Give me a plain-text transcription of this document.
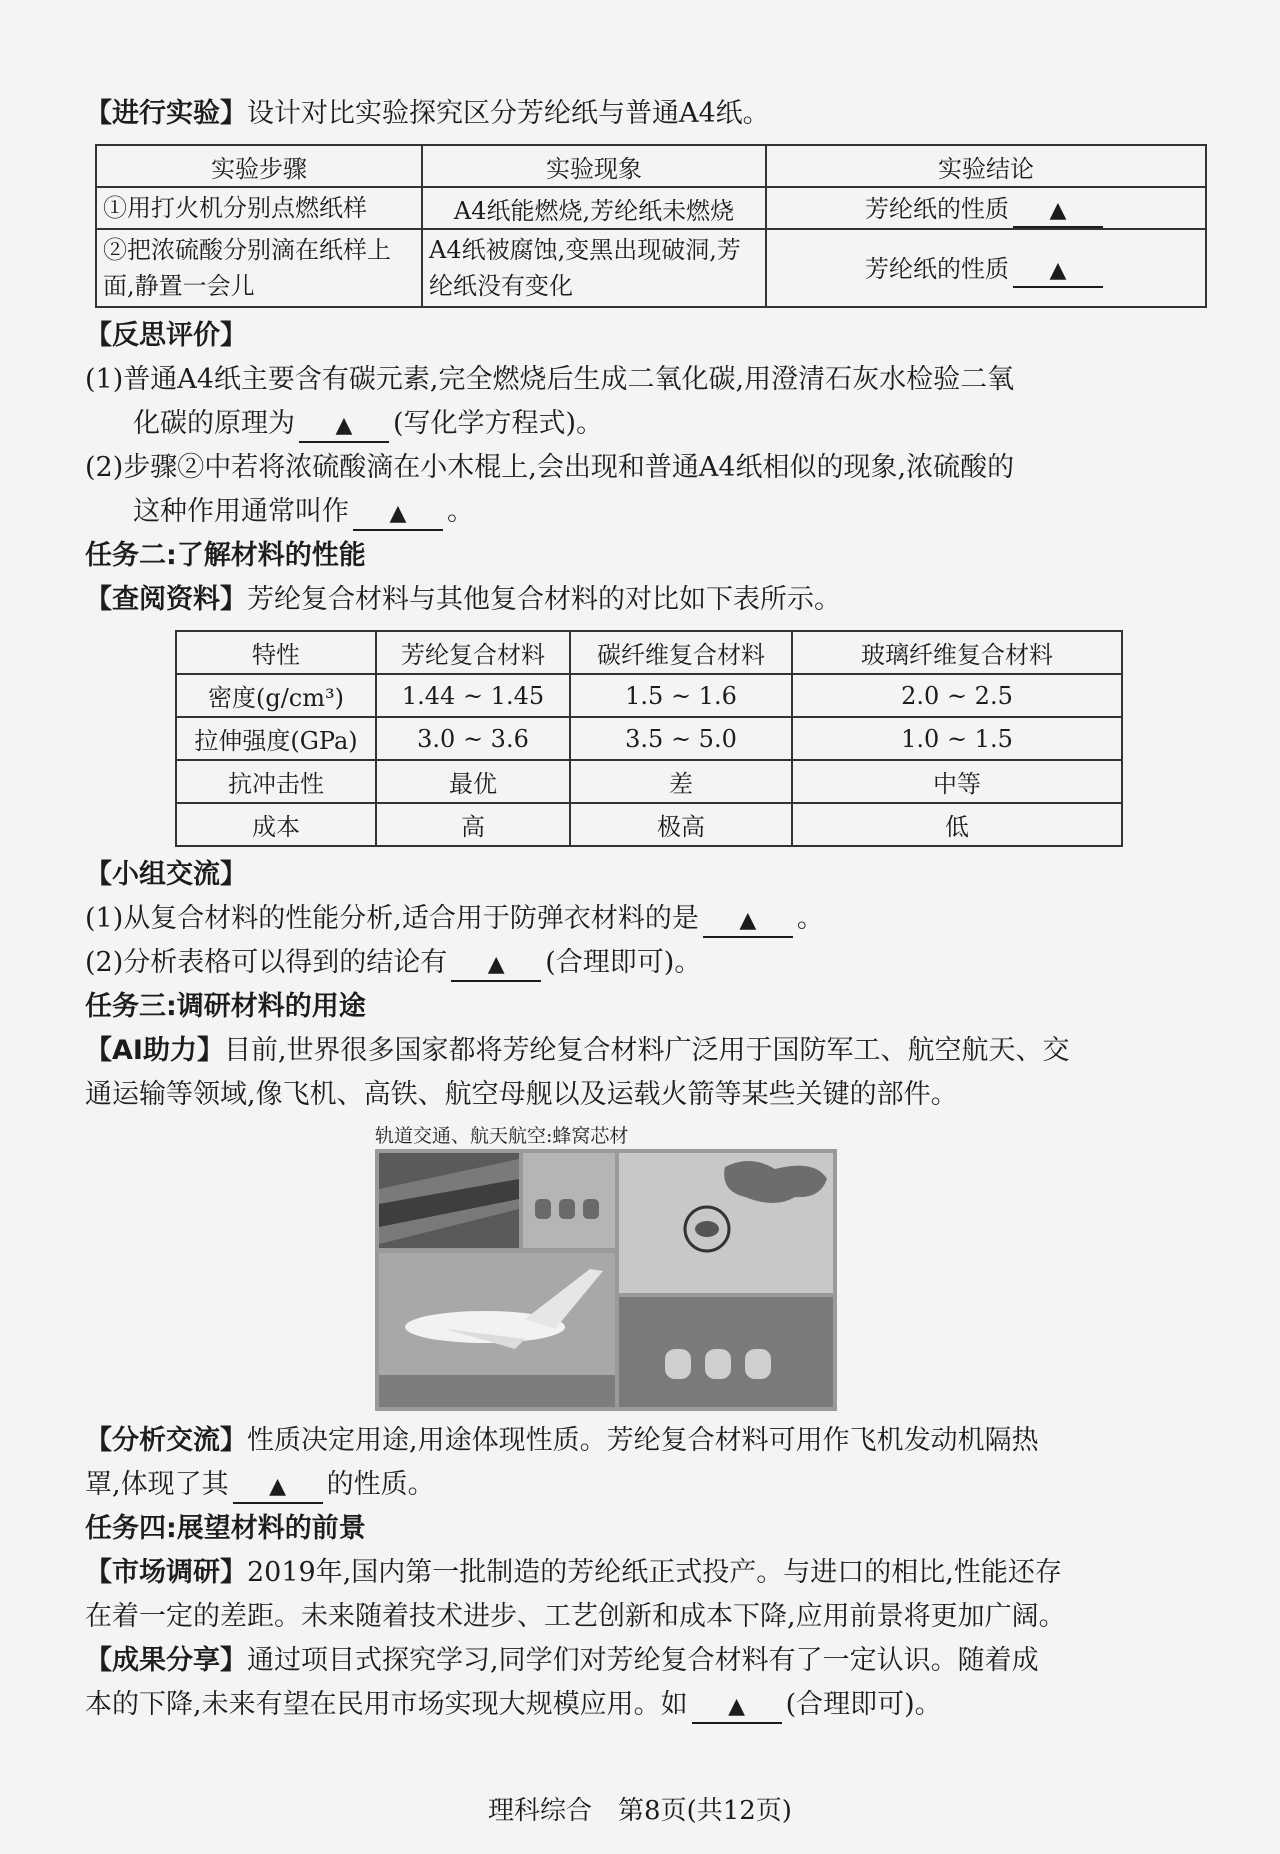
【进行实验】设计对比实验探究区分芳纶纸与普通A4纸。
实验步骤	实验现象	实验结论
①用打火机分别点燃纸样	A4纸能燃烧,芳纶纸未燃烧	芳纶纸的性质 ▲
②把浓硫酸分别滴在纸样上面,静置一会儿	A4纸被腐蚀,变黑出现破洞,芳纶纸没有变化	芳纶纸的性质 ▲
【反思评价】
(1)普通A4纸主要含有碳元素,完全燃烧后生成二氧化碳,用澄清石灰水检验二氧
化碳的原理为 ▲ (写化学方程式)。
(2)步骤②中若将浓硫酸滴在小木棍上,会出现和普通A4纸相似的现象,浓硫酸的
这种作用通常叫作 ▲ 。
任务二:了解材料的性能
【查阅资料】芳纶复合材料与其他复合材料的对比如下表所示。
特性	芳纶复合材料	碳纤维复合材料	玻璃纤维复合材料
密度(g/cm³)	1.44 ~ 1.45	1.5 ~ 1.6	2.0 ~ 2.5
拉伸强度(GPa)	3.0 ~ 3.6	3.5 ~ 5.0	1.0 ~ 1.5
抗冲击性	最优	差	中等
成本	高	极高	低
【小组交流】
(1)从复合材料的性能分析,适合用于防弹衣材料的是 ▲ 。
(2)分析表格可以得到的结论有 ▲ (合理即可)。
任务三:调研材料的用途
【AI助力】目前,世界很多国家都将芳纶复合材料广泛用于国防军工、航空航天、交
通运输等领域,像飞机、高铁、航空母舰以及运载火箭等某些关键的部件。
轨道交通、航天航空:蜂窝芯材
【分析交流】性质决定用途,用途体现性质。芳纶复合材料可用作飞机发动机隔热
罩,体现了其 ▲ 的性质。
任务四:展望材料的前景
【市场调研】2019年,国内第一批制造的芳纶纸正式投产。与进口的相比,性能还存
在着一定的差距。未来随着技术进步、工艺创新和成本下降,应用前景将更加广阔。
【成果分享】通过项目式探究学习,同学们对芳纶复合材料有了一定认识。随着成
本的下降,未来有望在民用市场实现大规模应用。如 ▲ (合理即可)。
理科综合　第8页(共12页)
